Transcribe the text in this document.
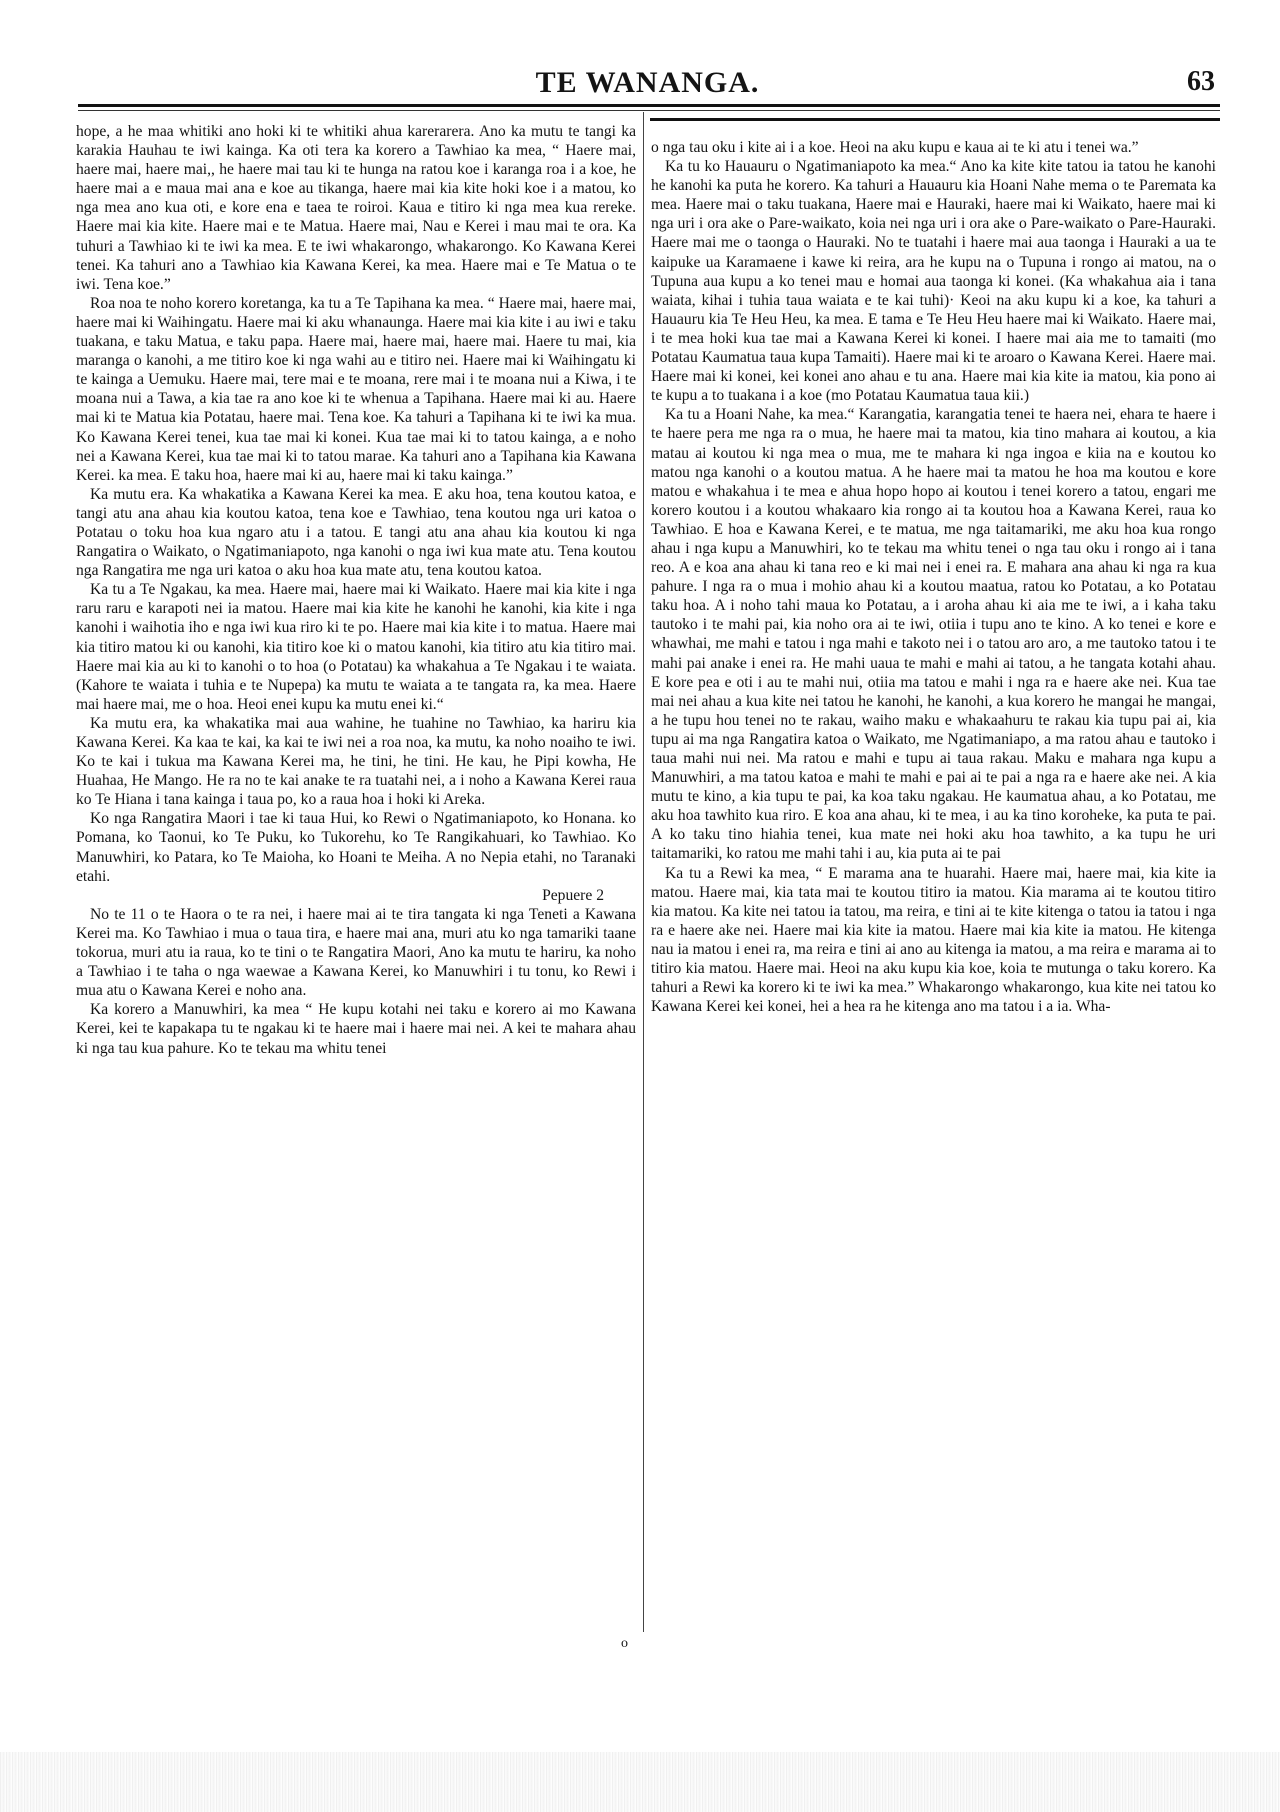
TE WANANGA.	63

hope, a he maa whitiki ano hoki ki te whitiki ahua karerarera. Ano ka mutu te tangi ka karakia Hauhau te iwi kainga. Ka oti tera ka korero a Tawhiao ka mea, “ Haere mai, haere mai, haere mai,, he haere mai tau ki te hunga na ratou koe i karanga roa i a koe, he haere mai a e maua mai ana e koe au tikanga, haere mai kia kite hoki koe i a matou, ko nga mea ano kua oti, e kore ena e taea te roiroi. Kaua e titiro ki nga mea kua rereke. Haere mai kia kite. Haere mai e te Matua. Haere mai, Nau e Kerei i mau mai te ora. Ka tuhuri a Tawhiao ki te iwi ka mea. E te iwi whakarongo, whakarongo. Ko Kawana Kerei tenei. Ka tahuri ano a Tawhiao kia Kawana Kerei, ka mea. Haere mai e Te Matua o te iwi. Tena koe.”

Roa noa te noho korero koretanga, ka tu a Te Tapihana ka mea. “ Haere mai, haere mai, haere mai ki Waihingatu. Haere mai ki aku whanaunga. Haere mai kia kite i au iwi e taku tuakana, e taku Matua, e taku papa. Haere mai, haere mai, haere mai. Haere tu mai, kia maranga o kanohi, a me titiro koe ki nga wahi au e titiro nei. Haere mai ki Waihingatu ki te kainga a Uemuku. Haere mai, tere mai e te moana, rere mai i te moana nui a Kiwa, i te moana nui a Tawa, a kia tae ra ano koe ki te whenua a Tapihana. Haere mai ki au. Haere mai ki te Matua kia Potatau, haere mai. Tena koe. Ka tahuri a Tapihana ki te iwi ka mua. Ko Kawana Kerei tenei, kua tae mai ki konei. Kua tae mai ki to tatou kainga, a e noho nei a Kawana Kerei, kua tae mai ki to tatou marae. Ka tahuri ano a Tapihana kia Kawana Kerei. ka mea. E taku hoa, haere mai ki au, haere mai ki taku kainga.”

Ka mutu era. Ka whakatika a Kawana Kerei ka mea. E aku hoa, tena koutou katoa, e tangi atu ana ahau kia koutou katoa, tena koe e Tawhiao, tena koutou nga uri katoa o Potatau o toku hoa kua ngaro atu i a tatou. E tangi atu ana ahau kia koutou ki nga Rangatira o Waikato, o Ngatimaniapoto, nga kanohi o nga iwi kua mate atu. Tena koutou nga Rangatira me nga uri katoa o aku hoa kua mate atu, tena koutou katoa.

Ka tu a Te Ngakau, ka mea. Haere mai, haere mai ki Waikato. Haere mai kia kite i nga raru raru e karapoti nei ia matou. Haere mai kia kite he kanohi he kanohi, kia kite i nga kanohi i waihotia iho e nga iwi kua riro ki te po. Haere mai kia kite i to matua. Haere mai kia titiro matou ki ou kanohi, kia titiro koe ki o matou kanohi, kia titiro atu kia titiro mai. Haere mai kia au ki to kanohi o to hoa (o Potatau) ka whakahua a Te Ngakau i te waiata. (Kahore te waiata i tuhia e te Nupepa) ka mutu te waiata a te tangata ra, ka mea. Haere mai haere mai, me o hoa. Heoi enei kupu ka mutu enei ki.“

Ka mutu era, ka whakatika mai aua wahine, he tuahine no Tawhiao, ka hariru kia Kawana Kerei. Ka kaa te kai, ka kai te iwi nei a roa noa, ka mutu, ka noho noaiho te iwi. Ko te kai i tukua ma Kawana Kerei ma, he tini, he tini. He kau, he Pipi kowha, He Huahaa, He Mango. He ra no te kai anake te ra tuatahi nei, a i noho a Kawana Kerei raua ko Te Hiana i tana kainga i taua po, ko a raua hoa i hoki ki Areka.

Ko nga Rangatira Maori i tae ki taua Hui, ko Rewi o Ngatimaniapoto, ko Honana. ko Pomana, ko Taonui, ko Te Puku, ko Tukorehu, ko Te Rangikahuari, ko Tawhiao. Ko Manuwhiri, ko Patara, ko Te Maioha, ko Hoani te Meiha. A no Nepia etahi, no Taranaki etahi.

Pepuere 2

No te 11 o te Haora o te ra nei, i haere mai ai te tira tangata ki nga Teneti a Kawana Kerei ma. Ko Tawhiao i mua o taua tira, e haere mai ana, muri atu ko nga tamariki taane tokorua, muri atu ia raua, ko te tini o te Rangatira Maori, Ano ka mutu te hariru, ka noho a Tawhiao i te taha o nga waewae a Kawana Kerei, ko Manuwhiri i tu tonu, ko Rewi i mua atu o Kawana Kerei e noho ana.

Ka korero a Manuwhiri, ka mea “ He kupu kotahi nei taku e korero ai mo Kawana Kerei, kei te kapakapa tu te ngakau ki te haere mai i haere mai nei. A kei te mahara ahau ki nga tau kua pahure. Ko te tekau ma whitu tenei

o nga tau oku i kite ai i a koe. Heoi na aku kupu e kaua ai te ki atu i tenei wa.”

Ka tu ko Hauauru o Ngatimaniapoto ka mea.“ Ano ka kite kite tatou ia tatou he kanohi he kanohi ka puta he korero. Ka tahuri a Hauauru kia Hoani Nahe mema o te Paremata ka mea. Haere mai o taku tuakana, Haere mai e Hauraki, haere mai ki Waikato, haere mai ki nga uri i ora ake o Pare-waikato, koia nei nga uri i ora ake o Pare-waikato o Pare-Hauraki. Haere mai me o taonga o Hauraki. No te tuatahi i haere mai aua taonga i Hauraki a ua te kaipuke ua Karamaene i kawe ki reira, ara he kupu na o Tupuna i rongo ai matou, na o Tupuna aua kupu a ko tenei mau e homai aua taonga ki konei. (Ka whakahua aia i tana waiata, kihai i tuhia taua waiata e te kai tuhi)· Keoi na aku kupu ki a koe, ka tahuri a Hauauru kia Te Heu Heu, ka mea. E tama e Te Heu Heu haere mai ki Waikato. Haere mai, i te mea hoki kua tae mai a Kawana Kerei ki konei. I haere mai aia me to tamaiti (mo Potatau Kaumatua taua kupa Tamaiti). Haere mai ki te aroaro o Kawana Kerei. Haere mai. Haere mai ki konei, kei konei ano ahau e tu ana. Haere mai kia kite ia matou, kia pono ai te kupu a to tuakana i a koe (mo Potatau Kaumatua taua kii.)

Ka tu a Hoani Nahe, ka mea.“ Karangatia, karangatia tenei te haera nei, ehara te haere i te haere pera me nga ra o mua, he haere mai ta matou, kia tino mahara ai koutou, a kia matau ai koutou ki nga mea o mua, me te mahara ki nga ingoa e kiia na e koutou ko matou nga kanohi o a koutou matua. A he haere mai ta matou he hoa ma koutou e kore matou e whakahua i te mea e ahua hopo hopo ai koutou i tenei korero a tatou, engari me korero koutou i a koutou whakaaro kia rongo ai ta koutou hoa a Kawana Kerei, raua ko Tawhiao. E hoa e Kawana Kerei, e te matua, me nga taitamariki, me aku hoa kua rongo ahau i nga kupu a Manuwhiri, ko te tekau ma whitu tenei o nga tau oku i rongo ai i tana reo. A e koa ana ahau ki tana reo e ki mai nei i enei ra. E mahara ana ahau ki nga ra kua pahure. I nga ra o mua i mohio ahau ki a koutou maatua, ratou ko Potatau, a ko Potatau taku hoa. A i noho tahi maua ko Potatau, a i aroha ahau ki aia me te iwi, a i kaha taku tautoko i te mahi pai, kia noho ora ai te iwi, otiia i tupu ano te kino. A ko tenei e kore e whawhai, me mahi e tatou i nga mahi e takoto nei i o tatou aro aro, a me tautoko tatou i te mahi pai anake i enei ra. He mahi uaua te mahi e mahi ai tatou, a he tangata kotahi ahau. E kore pea e oti i au te mahi nui, otiia ma tatou e mahi i nga ra e haere ake nei. Kua tae mai nei ahau a kua kite nei tatou he kanohi, he kanohi, a kua korero he mangai he mangai, a he tupu hou tenei no te rakau, waiho maku e whakaahuru te rakau kia tupu pai ai, kia tupu ai ma nga Rangatira katoa o Waikato, me Ngatimaniapo, a ma ratou ahau e tautoko i taua mahi nui nei. Ma ratou e mahi e tupu ai taua rakau. Maku e mahara nga kupu a Manuwhiri, a ma tatou katoa e mahi te mahi e pai ai te pai a nga ra e haere ake nei. A kia mutu te kino, a kia tupu te pai, ka koa taku ngakau. He kaumatua ahau, a ko Potatau, me aku hoa tawhito kua riro. E koa ana ahau, ki te mea, i au ka tino koroheke, ka puta te pai. A ko taku tino hiahia tenei, kua mate nei hoki aku hoa tawhito, a ka tupu he uri taitamariki, ko ratou me mahi tahi i au, kia puta ai te pai

Ka tu a Rewi ka mea, “ E marama ana te huarahi. Haere mai, haere mai, kia kite ia matou. Haere mai, kia tata mai te koutou titiro ia matou. Kia marama ai te koutou titiro kia matou. Ka kite nei tatou ia tatou, ma reira, e tini ai te kite kitenga o tatou ia tatou i nga ra e haere ake nei. Haere mai kia kite ia matou. Haere mai kia kite ia matou. He kitenga nau ia matou i enei ra, ma reira e tini ai ano au kitenga ia matou, a ma reira e marama ai to titiro kia matou. Haere mai. Heoi na aku kupu kia koe, koia te mutunga o taku korero. Ka tahuri a Rewi ka korero ki te iwi ka mea.” Whakarongo whakarongo, kua kite nei tatou ko Kawana Kerei kei konei, hei a hea ra he kitenga ano ma tatou i a ia. Wha-

o
